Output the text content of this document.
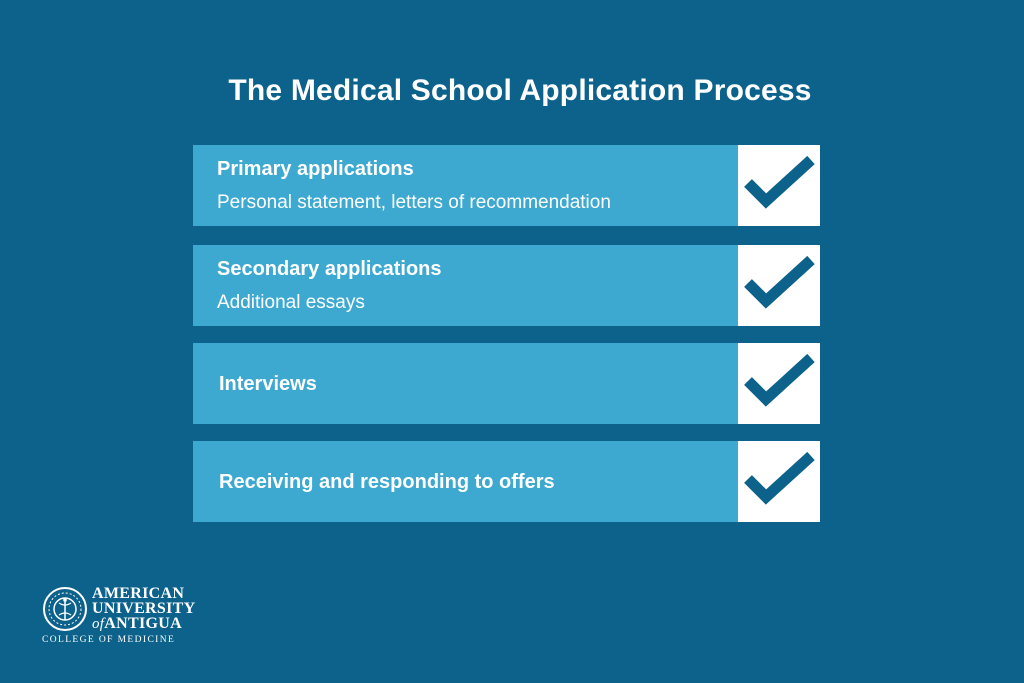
The Medical School Application Process
Primary applications
Personal statement, letters of recommendation
Secondary applications
Additional essays
Interviews
Receiving and responding to offers
AMERICAN
UNIVERSITY
ofANTIGUA
COLLEGE OF MEDICINE
